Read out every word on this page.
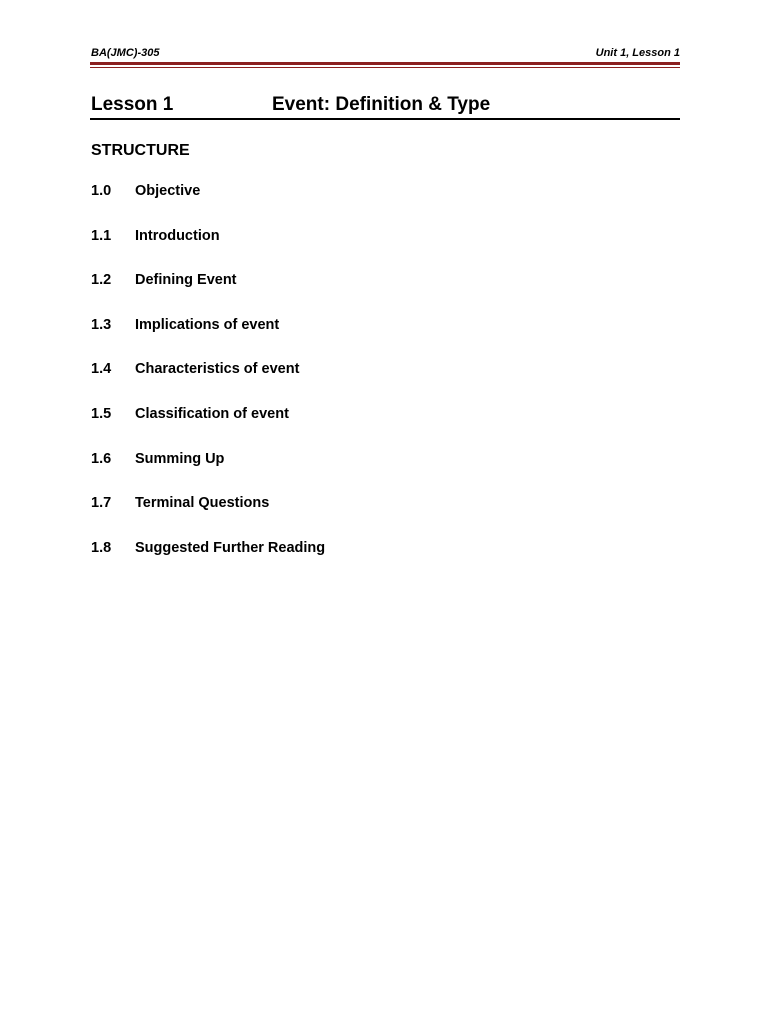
BA(JMC)-305	Unit 1, Lesson 1
Lesson 1	Event: Definition & Type
STRUCTURE
1.0 Objective
1.1 Introduction
1.2 Defining Event
1.3 Implications of event
1.4 Characteristics of event
1.5 Classification of event
1.6 Summing Up
1.7 Terminal Questions
1.8 Suggested Further Reading
